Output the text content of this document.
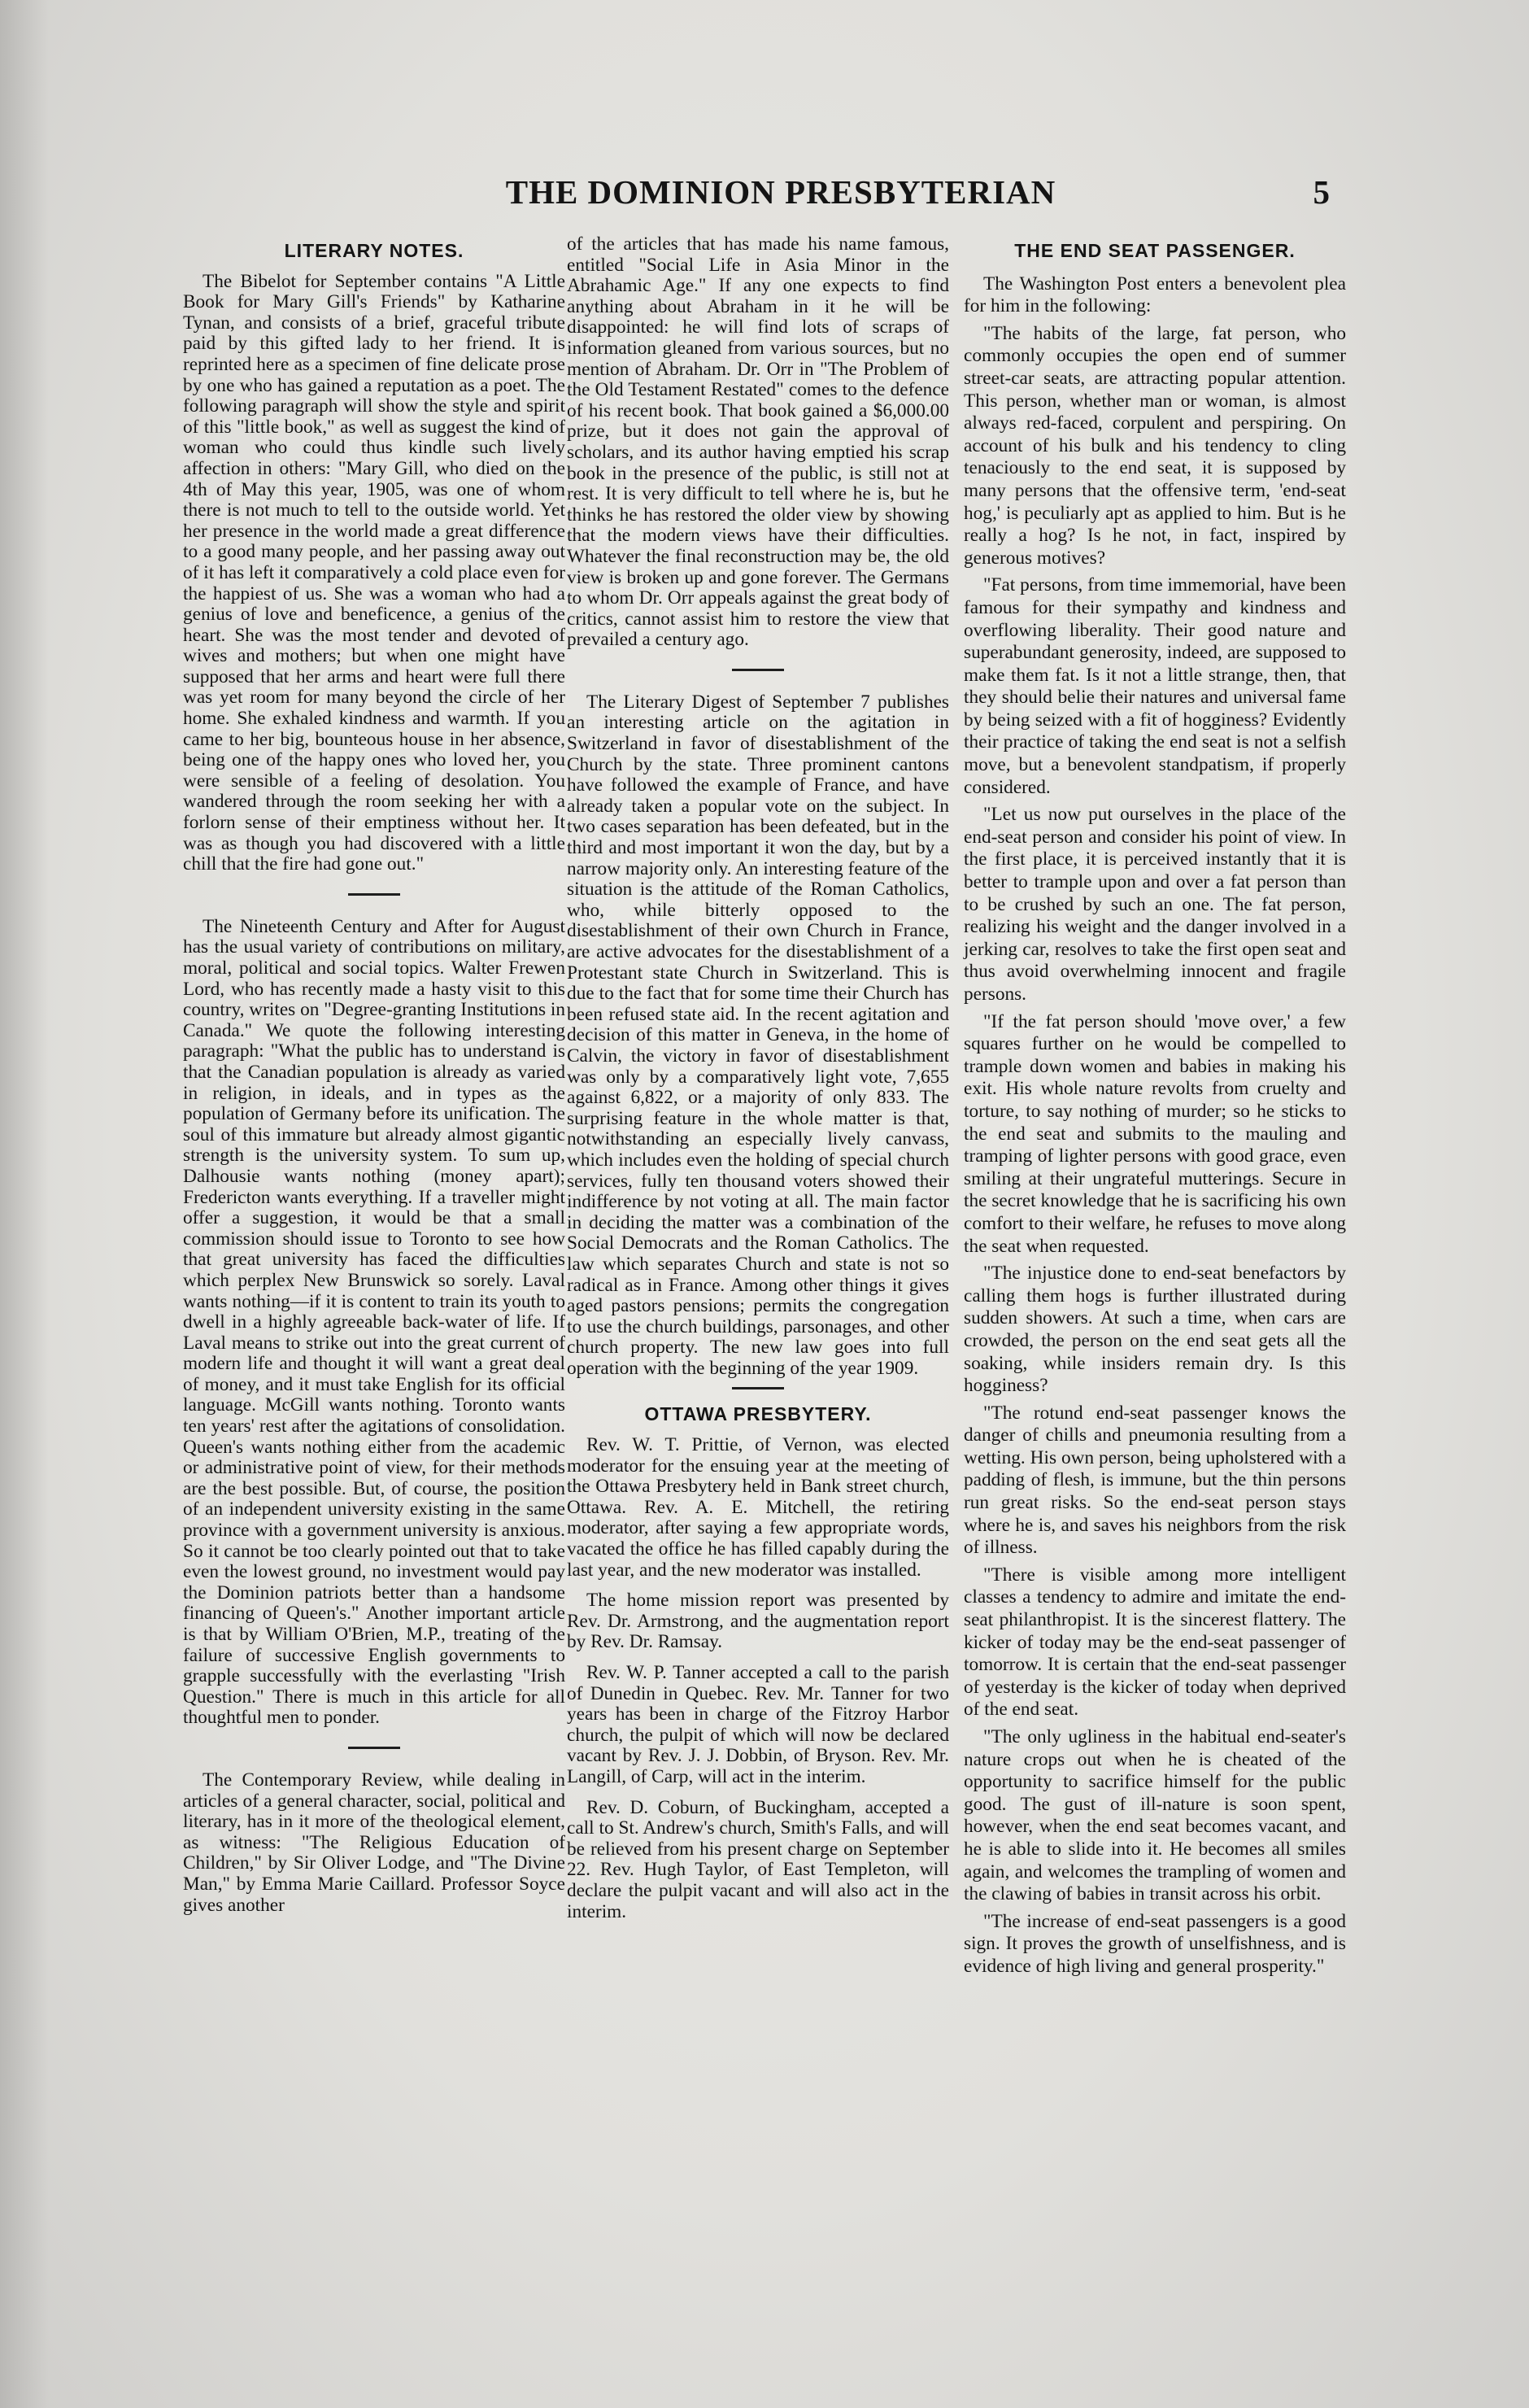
THE DOMINION PRESBYTERIAN	5
LITERARY NOTES.

The Bibelot for September contains "A Little Book for Mary Gill's Friends" by Katharine Tynan, and consists of a brief, graceful tribute paid by this gifted lady to her friend. It is reprinted here as a specimen of fine delicate prose by one who has gained a reputation as a poet. The following paragraph will show the style and spirit of this "little book," as well as suggest the kind of woman who could thus kindle such lively affection in others: "Mary Gill, who died on the 4th of May this year, 1905, was one of whom there is not much to tell to the outside world. Yet her presence in the world made a great difference to a good many people, and her passing away out of it has left it comparatively a cold place even for the happiest of us. She was a woman who had a genius of love and beneficence, a genius of the heart. She was the most tender and devoted of wives and mothers; but when one might have supposed that her arms and heart were full there was yet room for many beyond the circle of her home. She exhaled kindness and warmth. If you came to her big, bounteous house in her absence, being one of the happy ones who loved her, you were sensible of a feeling of desolation. You wandered through the room seeking her with a forlorn sense of their emptiness without her. It was as though you had discovered with a little chill that the fire had gone out."

The Nineteenth Century and After for August has the usual variety of contributions on military, moral, political and social topics. Walter Frewen Lord, who has recently made a hasty visit to this country, writes on "Degree-granting Institutions in Canada." We quote the following interesting paragraph: "What the public has to understand is that the Canadian population is already as varied in religion, in ideals, and in types as the population of Germany before its unification. The soul of this immature but already almost gigantic strength is the university system. To sum up, Dalhousie wants nothing (money apart); Fredericton wants everything. If a traveller might offer a suggestion, it would be that a small commission should issue to Toronto to see how that great university has faced the difficulties which perplex New Brunswick so sorely. Laval wants nothing—if it is content to train its youth to dwell in a highly agreeable back-water of life. If Laval means to strike out into the great current of modern life and thought it will want a great deal of money, and it must take English for its official language. McGill wants nothing. Toronto wants ten years' rest after the agitations of consolidation. Queen's wants nothing either from the academic or administrative point of view, for their methods are the best possible. But, of course, the position of an independent university existing in the same province with a government university is anxious. So it cannot be too clearly pointed out that to take even the lowest ground, no investment would pay the Dominion patriots better than a handsome financing of Queen's." Another important article is that by William O'Brien, M.P., treating of the failure of successive English governments to grapple successfully with the everlasting "Irish Question." There is much in this article for all thoughtful men to ponder.

The Contemporary Review, while dealing in articles of a general character, social, political and literary, has in it more of the theological element, as witness: "The Religious Education of Children," by Sir Oliver Lodge, and "The Divine Man," by Emma Marie Caillard. Professor Soyce gives another

of the articles that has made his name famous, entitled "Social Life in Asia Minor in the Abrahamic Age." If any one expects to find anything about Abraham in it he will be disappointed: he will find lots of scraps of information gleaned from various sources, but no mention of Abraham. Dr. Orr in "The Problem of the Old Testament Restated" comes to the defence of his recent book. That book gained a $6,000.00 prize, but it does not gain the approval of scholars, and its author having emptied his scrap book in the presence of the public, is still not at rest. It is very difficult to tell where he is, but he thinks he has restored the older view by showing that the modern views have their difficulties. Whatever the final reconstruction may be, the old view is broken up and gone forever. The Germans to whom Dr. Orr appeals against the great body of critics, cannot assist him to restore the view that prevailed a century ago.

The Literary Digest of September 7 publishes an interesting article on the agitation in Switzerland in favor of disestablishment of the Church by the state. Three prominent cantons have followed the example of France, and have already taken a popular vote on the subject. In two cases separation has been defeated, but in the third and most important it won the day, but by a narrow majority only. An interesting feature of the situation is the attitude of the Roman Catholics, who, while bitterly opposed to the disestablishment of their own Church in France, are active advocates for the disestablishment of a Protestant state Church in Switzerland. This is due to the fact that for some time their Church has been refused state aid. In the recent agitation and decision of this matter in Geneva, in the home of Calvin, the victory in favor of disestablishment was only by a comparatively light vote, 7,655 against 6,822, or a majority of only 833. The surprising feature in the whole matter is that, notwithstanding an especially lively canvass, which includes even the holding of special church services, fully ten thousand voters showed their indifference by not voting at all. The main factor in deciding the matter was a combination of the Social Democrats and the Roman Catholics. The law which separates Church and state is not so radical as in France. Among other things it gives aged pastors pensions; permits the congregation to use the church buildings, parsonages, and other church property. The new law goes into full operation with the beginning of the year 1909.

OTTAWA PRESBYTERY.

Rev. W. T. Prittie, of Vernon, was elected moderator for the ensuing year at the meeting of the Ottawa Presbytery held in Bank street church, Ottawa. Rev. A. E. Mitchell, the retiring moderator, after saying a few appropriate words, vacated the office he has filled capably during the last year, and the new moderator was installed.

The home mission report was presented by Rev. Dr. Armstrong, and the augmentation report by Rev. Dr. Ramsay.

Rev. W. P. Tanner accepted a call to the parish of Dunedin in Quebec. Rev. Mr. Tanner for two years has been in charge of the Fitzroy Harbor church, the pulpit of which will now be declared vacant by Rev. J. J. Dobbin, of Bryson. Rev. Mr. Langill, of Carp, will act in the interim.

Rev. D. Coburn, of Buckingham, accepted a call to St. Andrew's church, Smith's Falls, and will be relieved from his present charge on September 22. Rev. Hugh Taylor, of East Templeton, will declare the pulpit vacant and will also act in the interim.

THE END SEAT PASSENGER.

The Washington Post enters a benevolent plea for him in the following:

"The habits of the large, fat person, who commonly occupies the open end of summer street-car seats, are attracting popular attention. This person, whether man or woman, is almost always red-faced, corpulent and perspiring. On account of his bulk and his tendency to cling tenaciously to the end seat, it is supposed by many persons that the offensive term, 'end-seat hog,' is peculiarly apt as applied to him. But is he really a hog? Is he not, in fact, inspired by generous motives?

"Fat persons, from time immemorial, have been famous for their sympathy and kindness and overflowing liberality. Their good nature and superabundant generosity, indeed, are supposed to make them fat. Is it not a little strange, then, that they should belie their natures and universal fame by being seized with a fit of hogginess? Evidently their practice of taking the end seat is not a selfish move, but a benevolent standpatism, if properly considered.

"Let us now put ourselves in the place of the end-seat person and consider his point of view. In the first place, it is perceived instantly that it is better to trample upon and over a fat person than to be crushed by such an one. The fat person, realizing his weight and the danger involved in a jerking car, resolves to take the first open seat and thus avoid overwhelming innocent and fragile persons.

"If the fat person should 'move over,' a few squares further on he would be compelled to trample down women and babies in making his exit. His whole nature revolts from cruelty and torture, to say nothing of murder; so he sticks to the end seat and submits to the mauling and tramping of lighter persons with good grace, even smiling at their ungrateful mutterings. Secure in the secret knowledge that he is sacrificing his own comfort to their welfare, he refuses to move along the seat when requested.

"The injustice done to end-seat benefactors by calling them hogs is further illustrated during sudden showers. At such a time, when cars are crowded, the person on the end seat gets all the soaking, while insiders remain dry. Is this hogginess?

"The rotund end-seat passenger knows the danger of chills and pneumonia resulting from a wetting. His own person, being upholstered with a padding of flesh, is immune, but the thin persons run great risks. So the end-seat person stays where he is, and saves his neighbors from the risk of illness.

"There is visible among more intelligent classes a tendency to admire and imitate the end-seat philanthropist. It is the sincerest flattery. The kicker of today may be the end-seat passenger of tomorrow. It is certain that the end-seat passenger of yesterday is the kicker of today when deprived of the end seat.

"The only ugliness in the habitual end-seater's nature crops out when he is cheated of the opportunity to sacrifice himself for the public good. The gust of ill-nature is soon spent, however, when the end seat becomes vacant, and he is able to slide into it. He becomes all smiles again, and welcomes the trampling of women and the clawing of babies in transit across his orbit.

"The increase of end-seat passengers is a good sign. It proves the growth of unselfishness, and is evidence of high living and general prosperity."
